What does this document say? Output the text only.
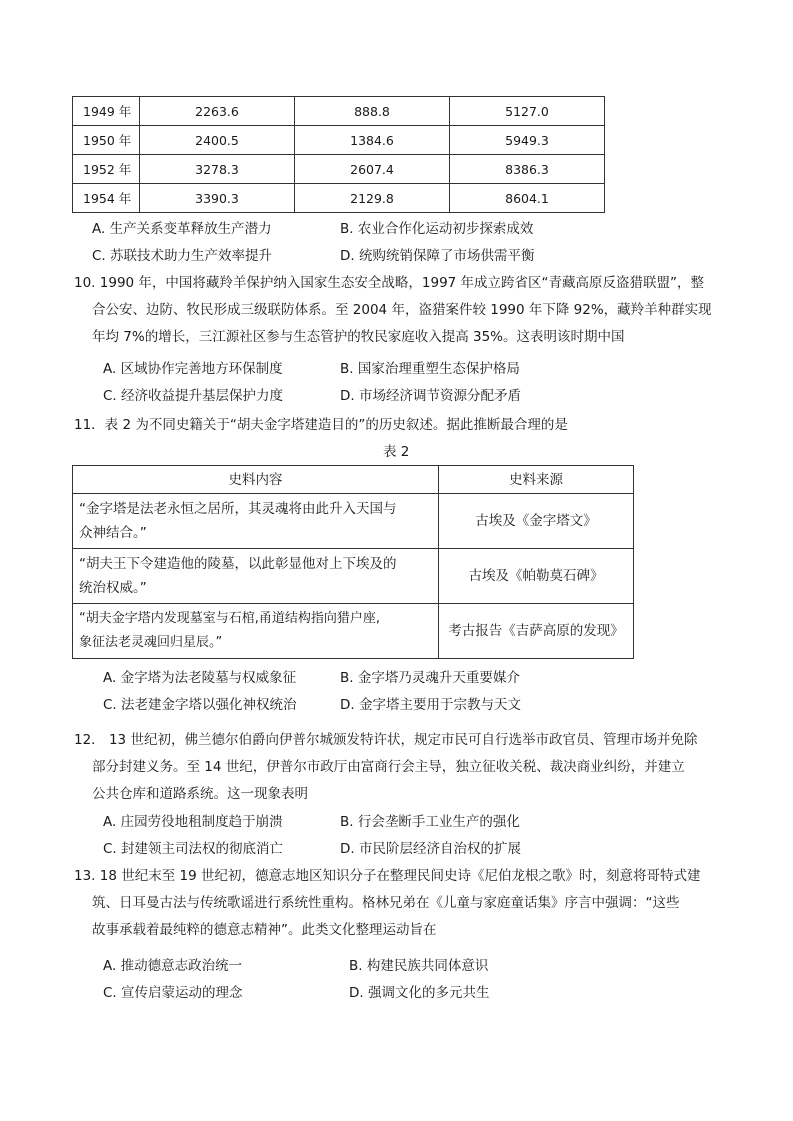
1949 年	2263.6	888.8	5127.0
1950 年	2400.5	1384.6	5949.3
1952 年	3278.3	2607.4	8386.3
1954 年	3390.3	2129.8	8604.1
A. 生产关系变革释放生产潜力	B. 农业合作化运动初步探索成效
C. 苏联技术助力生产效率提升	D. 统购统销保障了市场供需平衡
10. 1990 年，中国将藏羚羊保护纳入国家生态安全战略，1997 年成立跨省区“青藏高原反盗猎联盟”，整
合公安、边防、牧民形成三级联防体系。至 2004 年，盗猎案件较 1990 年下降 92%，藏羚羊种群实现
年均 7%的增长，三江源社区参与生态管护的牧民家庭收入提高 35%。这表明该时期中国
A. 区域协作完善地方环保制度	B. 国家治理重塑生态保护格局
C. 经济收益提升基层保护力度	D. 市场经济调节资源分配矛盾
11．表 2 为不同史籍关于“胡夫金字塔建造目的”的历史叙述。据此推断最合理的是
表 2
史料内容	史料来源

“金字塔是法老永恒之居所，其灵魂将由此升入天国与
众神结合。”	古埃及《金字塔文》

“胡夫王下令建造他的陵墓，以此彰显他对上下埃及的
统治权威。”	古埃及《帕勒莫石碑》

“胡夫金字塔内发现墓室与石棺,甬道结构指向猎户座,
象征法老灵魂回归星辰。”	考古报告《吉萨高原的发现》
A. 金字塔为法老陵墓与权威象征	B. 金字塔乃灵魂升天重要媒介
C. 法老建金字塔以强化神权统治	D. 金字塔主要用于宗教与天文
12． 13 世纪初，佛兰德尔伯爵向伊普尔城颁发特许状，规定市民可自行选举市政官员、管理市场并免除
部分封建义务。至 14 世纪，伊普尔市政厅由富商行会主导，独立征收关税、裁决商业纠纷，并建立
公共仓库和道路系统。这一现象表明
A. 庄园劳役地租制度趋于崩溃	B. 行会垄断手工业生产的强化
C. 封建领主司法权的彻底消亡	D. 市民阶层经济自治权的扩展
13. 18 世纪末至 19 世纪初，德意志地区知识分子在整理民间史诗《尼伯龙根之歌》时，刻意将哥特式建
筑、日耳曼古法与传统歌谣进行系统性重构。格林兄弟在《儿童与家庭童话集》序言中强调：“这些
故事承载着最纯粹的德意志精神”。此类文化整理运动旨在
A. 推动德意志政治统一	B. 构建民族共同体意识
C. 宣传启蒙运动的理念	D. 强调文化的多元共生
